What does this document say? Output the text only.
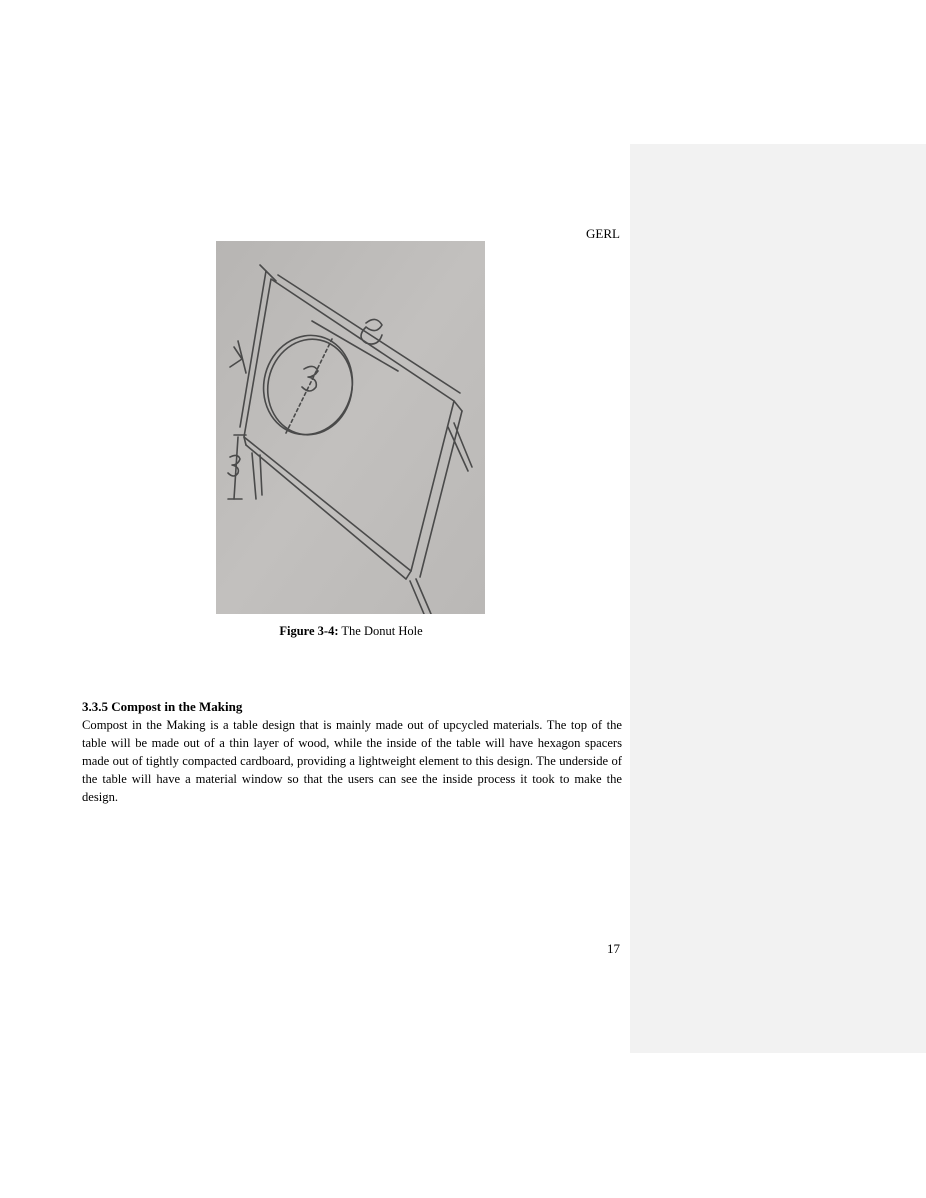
GERL
Figure 3-4: The Donut Hole
3.3.5 Compost in the Making
Compost in the Making is a table design that is mainly made out of upcycled materials. The top of the table will be made out of a thin layer of wood, while the inside of the table will have hexagon spacers made out of tightly compacted cardboard, providing a lightweight element to this design. The underside of the table will have a material window so that the users can see the inside process it took to make the design.
17
